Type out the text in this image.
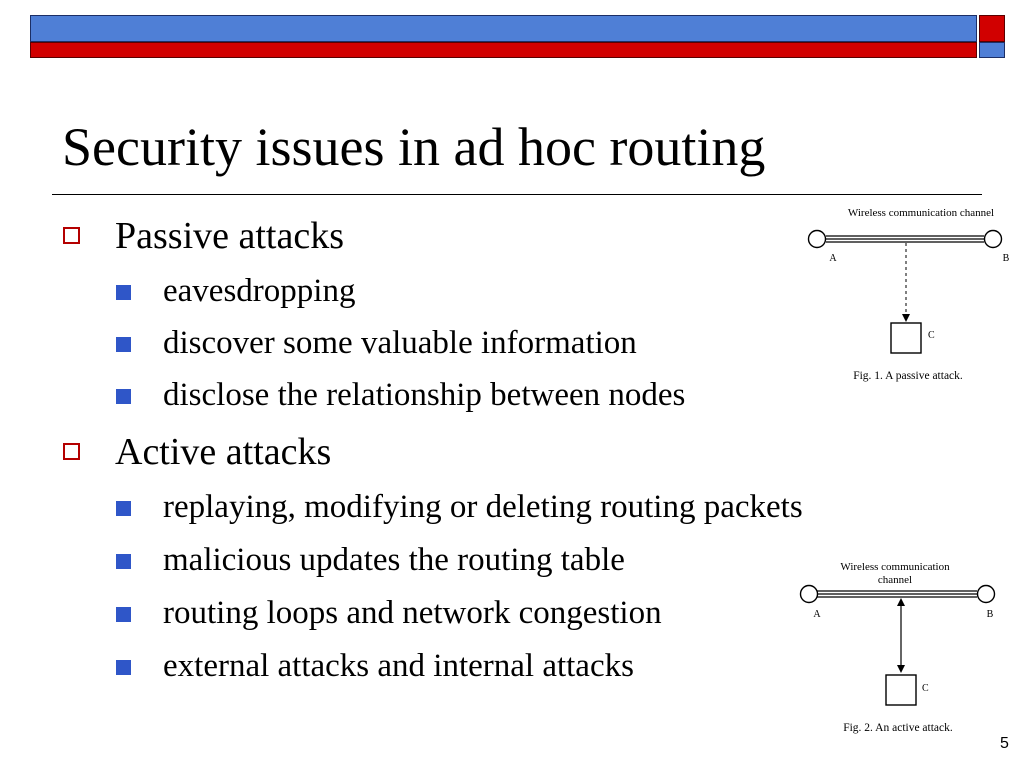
Security issues in ad hoc routing
Passive attacks
eavesdropping
discover some valuable information
disclose the relationship between nodes
Active attacks
replaying, modifying or deleting routing packets
malicious updates the routing table
routing loops and network congestion
external attacks and internal attacks
Wireless communication channel
A	B
C
Fig. 1. A passive attack.
Wireless communication
channel
A	B
C
Fig. 2. An active attack.
5
